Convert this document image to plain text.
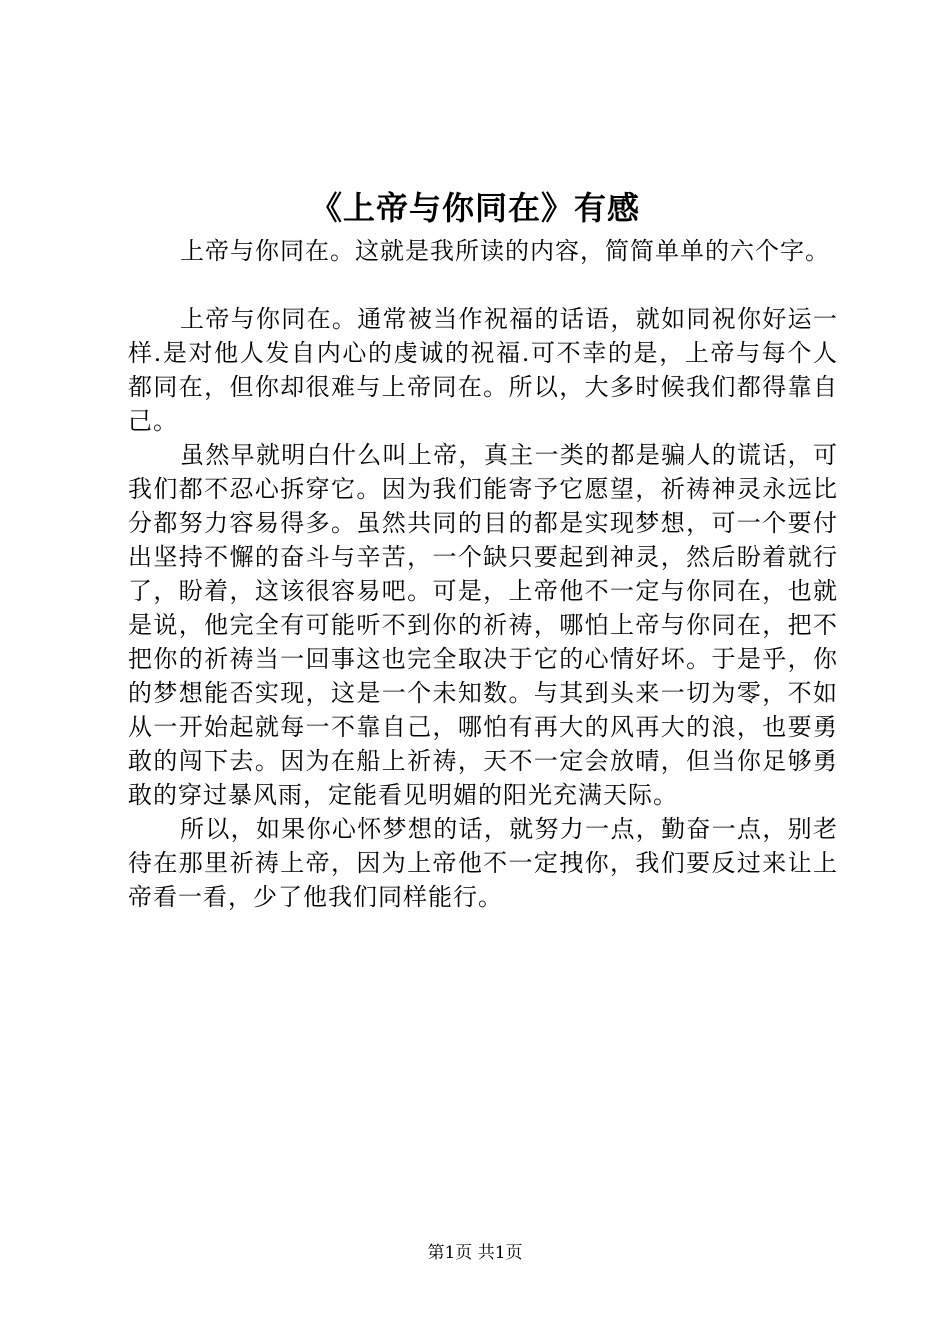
《上帝与你同在》有感

上帝与你同在。这就是我所读的内容，简简单单的六个字。

上帝与你同在。通常被当作祝福的话语，就如同祝你好运一样.是对他人发自内心的虔诚的祝福.可不幸的是，上帝与每个人都同在，但你却很难与上帝同在。所以，大多时候我们都得靠自己。

虽然早就明白什么叫上帝，真主一类的都是骗人的谎话，可我们都不忍心拆穿它。因为我们能寄予它愿望，祈祷神灵永远比分都努力容易得多。虽然共同的目的都是实现梦想，可一个要付出坚持不懈的奋斗与辛苦，一个缺只要起到神灵，然后盼着就行了，盼着，这该很容易吧。可是，上帝他不一定与你同在，也就是说，他完全有可能听不到你的祈祷，哪怕上帝与你同在，把不把你的祈祷当一回事这也完全取决于它的心情好坏。于是乎，你的梦想能否实现，这是一个未知数。与其到头来一切为零，不如从一开始起就每一不靠自己，哪怕有再大的风再大的浪，也要勇敢的闯下去。因为在船上祈祷，天不一定会放晴，但当你足够勇敢的穿过暴风雨，定能看见明媚的阳光充满天际。

所以，如果你心怀梦想的话，就努力一点，勤奋一点，别老待在那里祈祷上帝，因为上帝他不一定拽你，我们要反过来让上帝看一看，少了他我们同样能行。

第1页 共1页
